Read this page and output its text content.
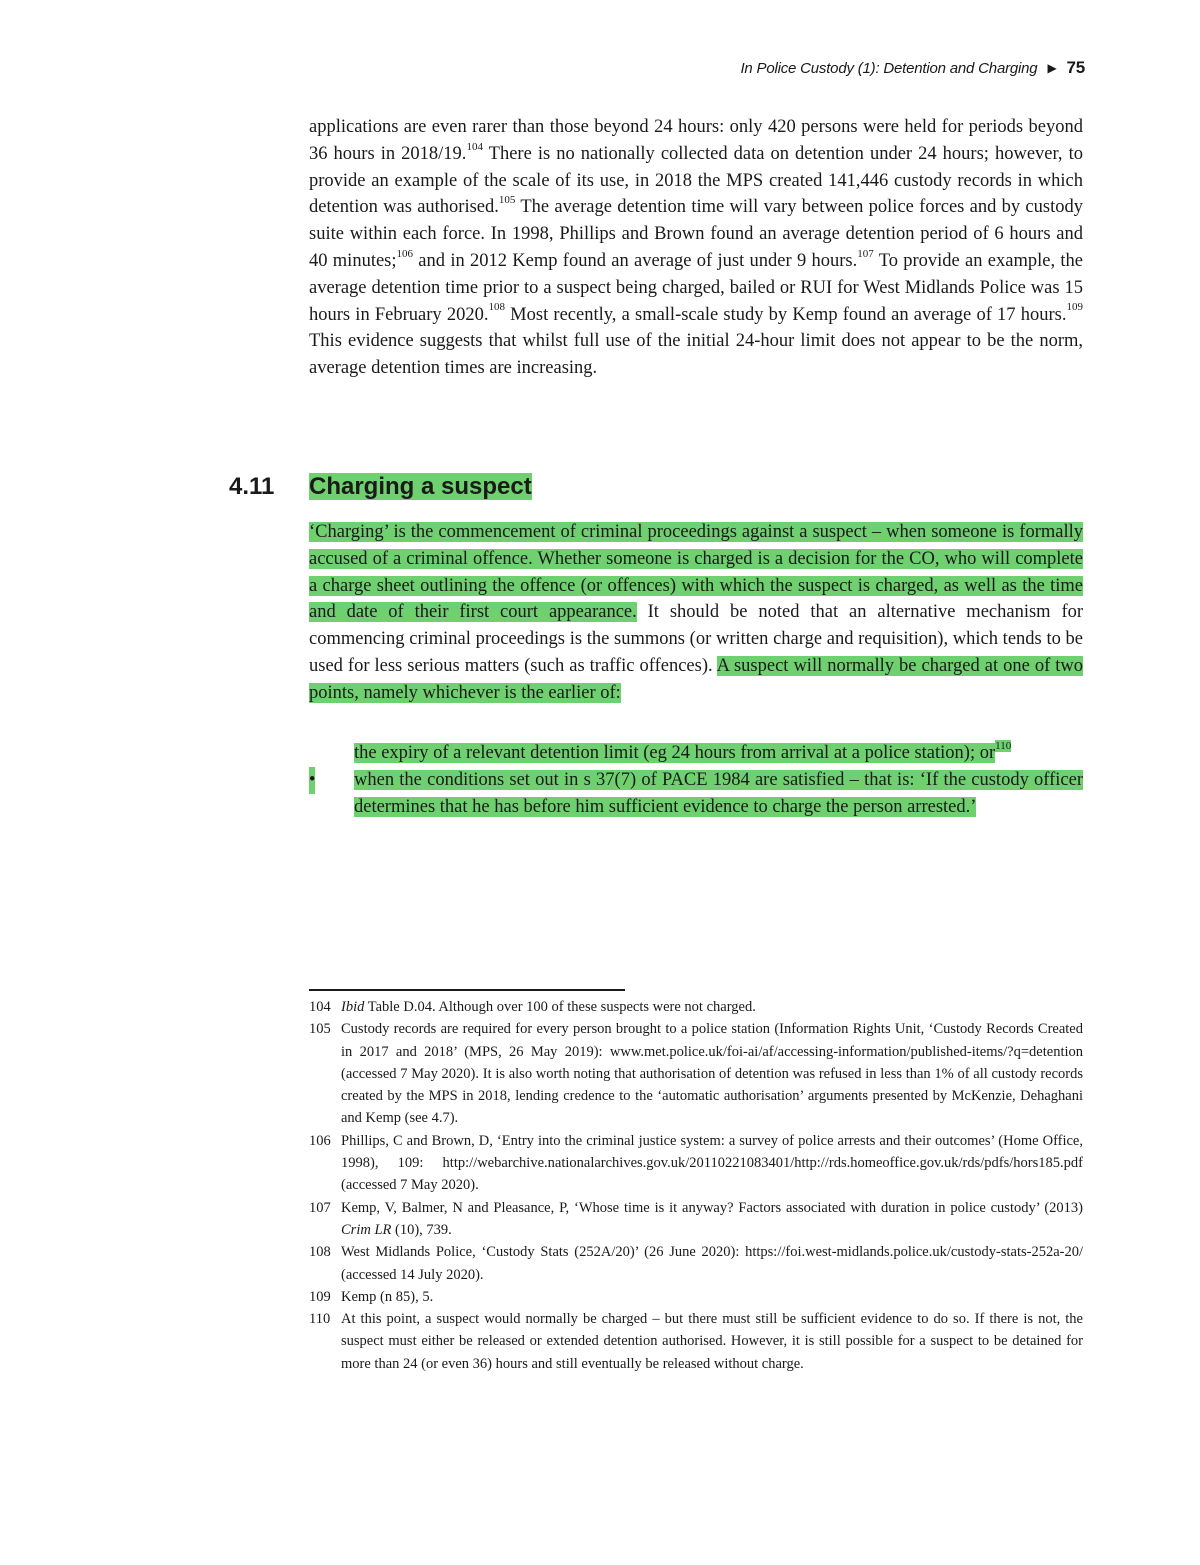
In Police Custody (1): Detention and Charging ▶ 75

applications are even rarer than those beyond 24 hours: only 420 persons were held for periods beyond 36 hours in 2018/19.$^{104}$ There is no nationally collected data on detention under 24 hours; however, to provide an example of the scale of its use, in 2018 the MPS created 141,446 custody records in which detention was authorised.$^{105}$ The average detention time will vary between police forces and by custody suite within each force. In 1998, Phillips and Brown found an average detention period of 6 hours and 40 minutes;$^{106}$ and in 2012 Kemp found an average of just under 9 hours.$^{107}$ To provide an example, the average detention time prior to a suspect being charged, bailed or RUI for West Midlands Police was 15 hours in February 2020.$^{108}$ Most recently, a small-scale study by Kemp found an average of 17 hours.$^{109}$ This evidence suggests that whilst full use of the initial 24-hour limit does not appear to be the norm, average detention times are increasing.

4.11 Charging a suspect

‘Charging’ is the commencement of criminal proceedings against a suspect – when someone is formally accused of a criminal offence. Whether someone is charged is a decision for the CO, who will complete a charge sheet outlining the offence (or offences) with which the suspect is charged, as well as the time and date of their first court appearance. It should be noted that an alternative mechanism for commencing criminal proceedings is the summons (or written charge and requisition), which tends to be used for less serious matters (such as traffic offences). A suspect will normally be charged at one of two points, namely whichever is the earlier of:

the expiry of a relevant detention limit (eg 24 hours from arrival at a police station); $or^{110}$
• when the conditions set out in s 37(7) of PACE 1984 are satisfied – that is: ‘If the custody officer determines that he has before him sufficient evidence to charge the person arrested.’
104 Ibid Table D.04. Although over 100 of these suspects were not charged.
105 Custody records are required for every person brought to a police station (Information Rights Unit, ‘Custody Records Created in 2017 and 2018’ (MPS, 26 May 2019): www.met.police.uk/foi-ai/af/accessing-information/published-items/?q=detention (accessed 7 May 2020). It is also worth noting that authorisation of detention was refused in less than 1% of all custody records created by the MPS in 2018, lending credence to the ‘automatic authorisation’ arguments presented by McKenzie, Dehaghani and Kemp (see 4.7).
106 Phillips, C and Brown, D, ‘Entry into the criminal justice system: a survey of police arrests and their outcomes’ (Home Office, 1998), 109: http://webarchive.nationalarchives.gov.uk/20110221083401/http://rds.homeoffice.gov.uk/rds/pdfs/hors185.pdf (accessed 7 May 2020).
107 Kemp, V, Balmer, N and Pleasance, P, ‘Whose time is it anyway? Factors associated with duration in police custody’ (2013) Crim LR (10), 739.
108 West Midlands Police, ‘Custody Stats (252A/20)’ (26 June 2020): https://foi.west-midlands.police.uk/custody-stats-252a-20/ (accessed 14 July 2020).
109 Kemp (n 85), 5.
110 At this point, a suspect would normally be charged – but there must still be sufficient evidence to do so. If there is not, the suspect must either be released or extended detention authorised. However, it is still possible for a suspect to be detained for more than 24 (or even 36) hours and still eventually be released without charge.
